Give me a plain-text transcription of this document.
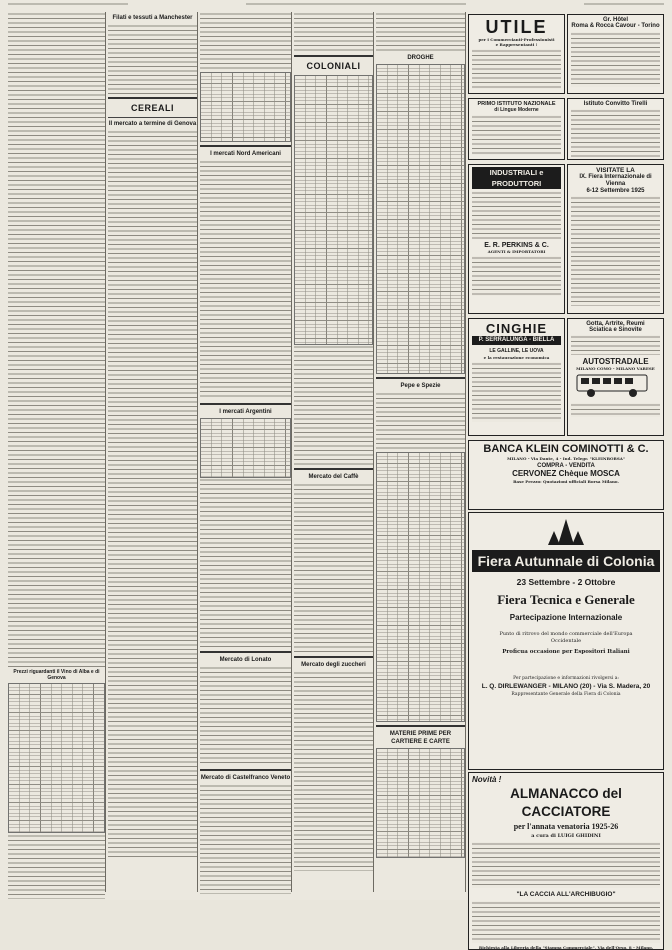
Prezzi riguardanti il Vino di Alba e di Genova
Filati e tessuti a Manchester
CEREALI
Il mercato a termine di Genova
I mercati Nord Americani
I mercati Argentini
Mercato di Lonato
Mercato di Castelfranco Veneto
COLONIALI
Mercato del Caffè
Mercato degli zuccheri
DROGHE
Pepe e Spezie
MATERIE PRIME PER CARTIERE E CARTE
UTILE
per i Commercianti-Professionisti
e Rappresentanti !
Gr. Hôtel
Roma & Rocca Cavour - Torino
PRIMO ISTITUTO NAZIONALE
di Lingue Moderne
Istituto Convitto Tirelli
INDUSTRIALI e PRODUTTORI
E. R. PERKINS & C.
AGENTI & IMPORTATORI
VISITATE LA
IX. Fiera Internazionale di Vienna
6-12 Settembre 1925
CINGHIE
P. SERRALUNGA - BIELLA
LE GALLINE, LE UOVA
e la restaurazione economica
Gotta, Artrite, Reumi
Sciatica e Sinovite
AUTOSTRADALE
MILANO COMO - MILANO VARESE
BANCA KLEIN COMINOTTI & C.
MILANO - Via Dante, 4 - Ind. Telegr. "KLEINBORSA"
COMPRA - VENDITA
CERVONEZ Chèque MOSCA
Base Prezzo: Quotazioni ufficiali Borsa Milano.
Fiera Autunnale di Colonia
23 Settembre - 2 Ottobre
Fiera Tecnica e Generale
Partecipazione Internazionale
Punto di ritrovo del mondo commerciale dell'Europa Occidentale
Proficua occasione per Espositori Italiani
Per partecipazione e informazioni rivolgersi a:
L. Q. DIRLEWANGER - MILANO (20) - Via S. Madera, 20
Rappresentante Generale della Fiera di Colonia
Novità !
ALMANACCO del CACCIATORE
per l'annata venatoria 1925-26
a cura di LUIGI GHIDINI
"LA CACCIA ALL'ARCHIBUGIO"
Richiesta alla Libreria della "Stampa Commerciale", Via dell'Orso, 8 - Milano.
